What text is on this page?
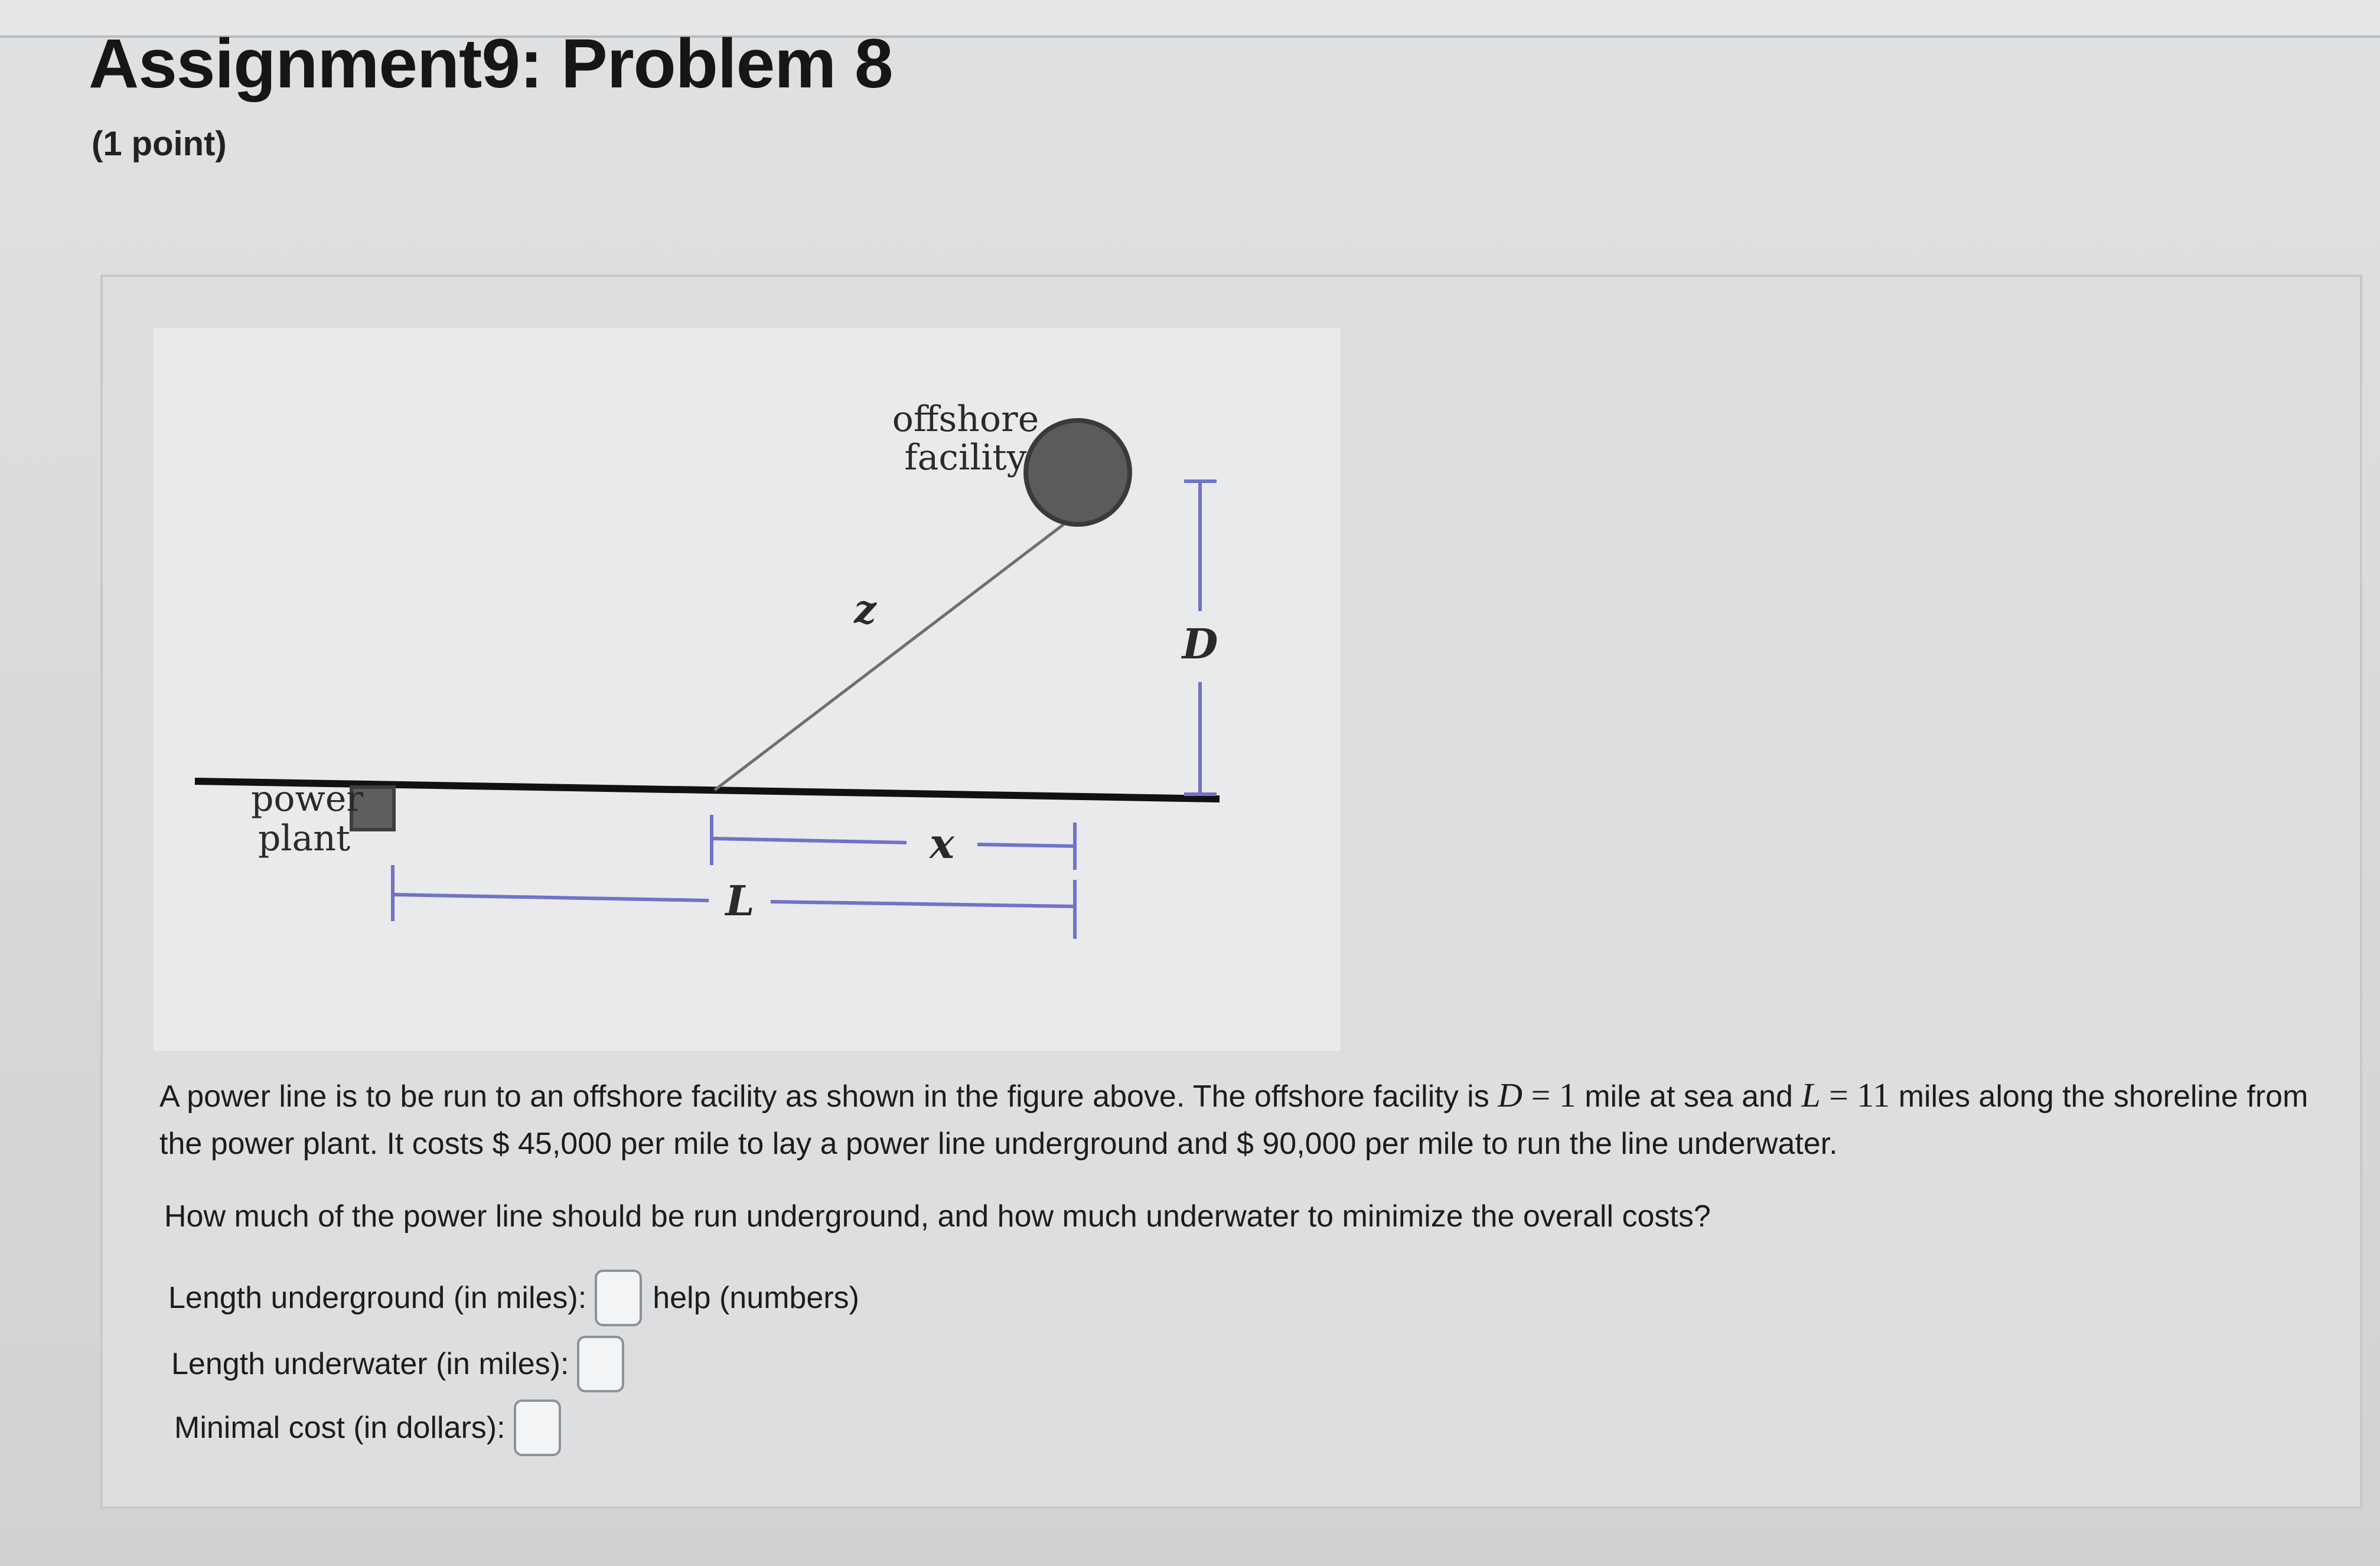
Assignment9: Problem 8
(1 point)
offshore
facility
power
plant
z
D
x
L

A power line is to be run to an offshore facility as shown in the figure above. The offshore facility is D = 1 mile at sea and L = 11 miles along the shoreline from the power plant. It costs $ 45,000 per mile to lay a power line underground and $ 90,000 per mile to run the line underwater.

How much of the power line should be run underground, and how much underwater to minimize the overall costs?
Length underground (in miles): help (numbers)
Length underwater (in miles):
Minimal cost (in dollars):
